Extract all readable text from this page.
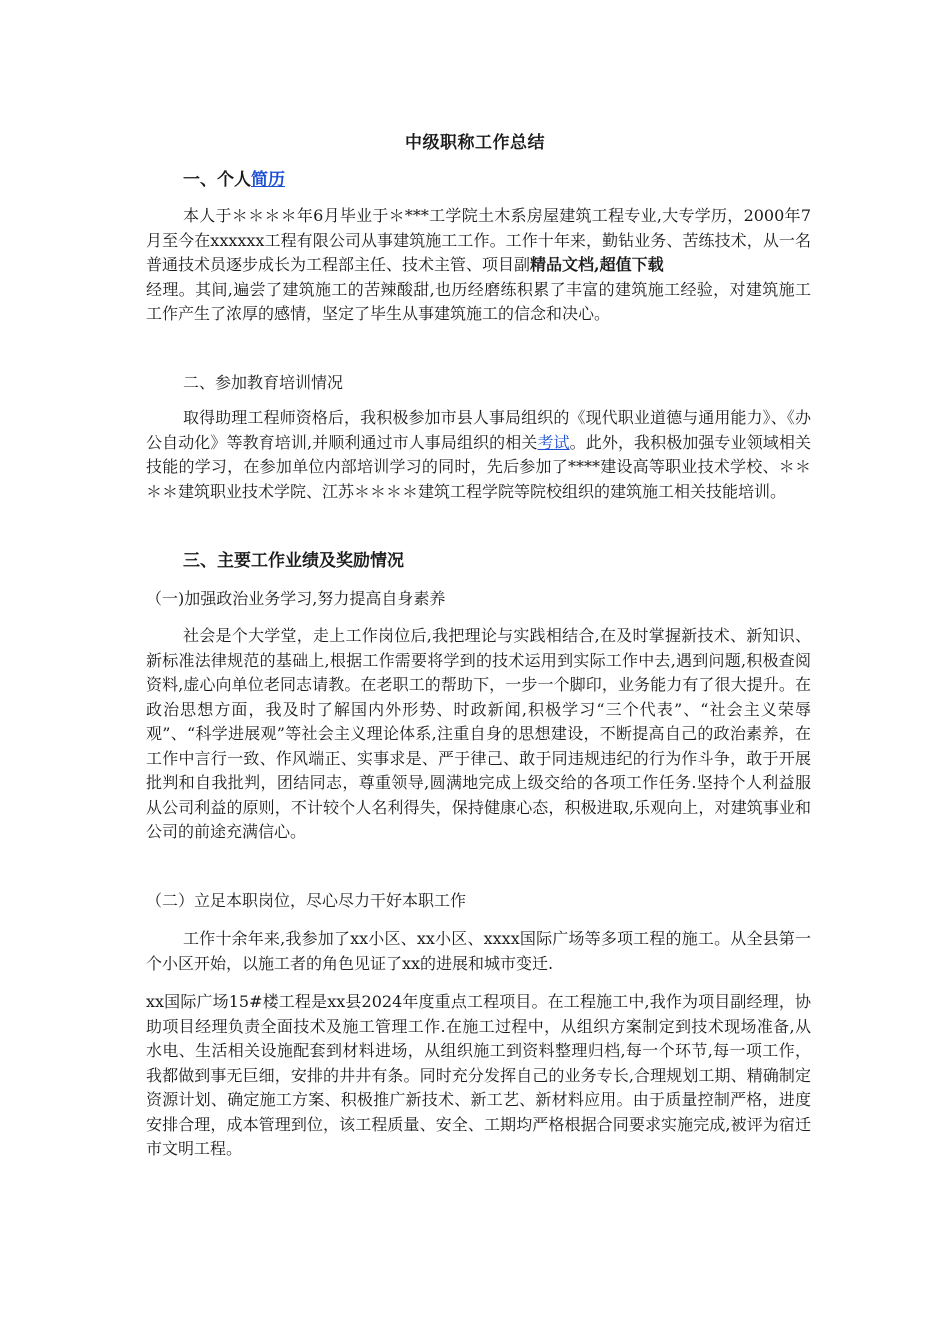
中级职称工作总结
一、个人简历

本人于＊＊＊＊年6月毕业于＊***工学院土木系房屋建筑工程专业,大专学历，2000年7月至今在xxxxxx工程有限公司从事建筑施工工作。工作十年来，勤钻业务、苦练技术，从一名普通技术员逐步成长为工程部主任、技术主管、项目副精品文档,超值下载

经理。其间,遍尝了建筑施工的苦辣酸甜,也历经磨练积累了丰富的建筑施工经验，对建筑施工工作产生了浓厚的感情，坚定了毕生从事建筑施工的信念和决心。

二、参加教育培训情况

取得助理工程师资格后，我积极参加市县人事局组织的《现代职业道德与通用能力》、《办公自动化》等教育培训,并顺利通过市人事局组织的相关考试。此外，我积极加强专业领域相关技能的学习，在参加单位内部培训学习的同时，先后参加了****建设高等职业技术学校、＊＊＊＊建筑职业技术学院、江苏＊＊＊＊建筑工程学院等院校组织的建筑施工相关技能培训。

三、主要工作业绩及奖励情况
（一)加强政治业务学习,努力提高自身素养

社会是个大学堂，走上工作岗位后,我把理论与实践相结合,在及时掌握新技术、新知识、新标准法律规范的基础上,根据工作需要将学到的技术运用到实际工作中去,遇到问题,积极查阅资料,虚心向单位老同志请教。在老职工的帮助下，一步一个脚印，业务能力有了很大提升。在政治思想方面，我及时了解国内外形势、时政新闻,积极学习“三个代表”、“社会主义荣辱观”、“科学进展观”等社会主义理论体系,注重自身的思想建设，不断提高自己的政治素养，在工作中言行一致、作风端正、实事求是、严于律己、敢于同违规违纪的行为作斗争，敢于开展批判和自我批判，团结同志，尊重领导,圆满地完成上级交给的各项工作任务.坚持个人利益服从公司利益的原则，不计较个人名利得失，保持健康心态，积极进取,乐观向上，对建筑事业和公司的前途充满信心。

（二）立足本职岗位，尽心尽力干好本职工作

工作十余年来,我参加了xx小区、xx小区、xxxx国际广场等多项工程的施工。从全县第一个小区开始，以施工者的角色见证了xx的进展和城市变迁.

xx国际广场15#楼工程是xx县2024年度重点工程项目。在工程施工中,我作为项目副经理，协助项目经理负责全面技术及施工管理工作.在施工过程中，从组织方案制定到技术现场准备,从水电、生活相关设施配套到材料进场，从组织施工到资料整理归档,每一个环节,每一项工作，我都做到事无巨细，安排的井井有条。同时充分发挥自己的业务专长,合理规划工期、精确制定资源计划、确定施工方案、积极推广新技术、新工艺、新材料应用。由于质量控制严格，进度安排合理，成本管理到位，该工程质量、安全、工期均严格根据合同要求实施完成,被评为宿迁市文明工程。
